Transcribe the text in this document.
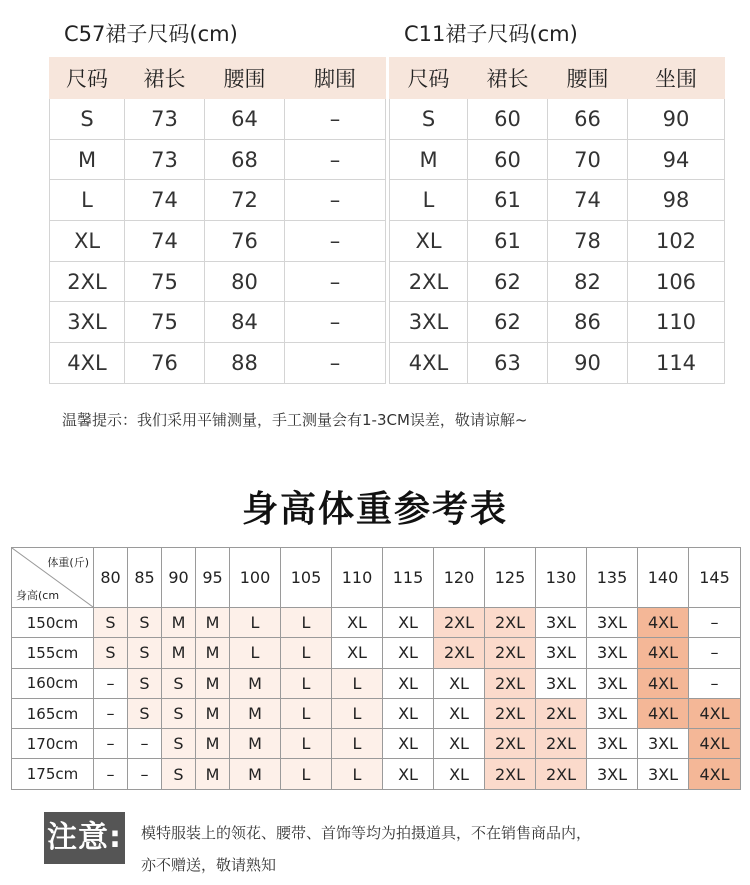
C57裙子尺码(cm)	C11裙子尺码(cm)
尺码	裙长	腰围	脚围
S	73	64	–
M	73	68	–
L	74	72	–
XL	74	76	–
2XL	75	80	–
3XL	75	84	–
4XL	76	88	–
尺码	裙长	腰围	坐围
S	60	66	90
M	60	70	94
L	61	74	98
XL	61	78	102
2XL	62	82	106
3XL	62	86	110
4XL	63	90	114
温馨提示：我们采用平铺测量，手工测量会有1-3CM误差，敬请谅解~
身高体重参考表
体重(斤)
身高(cm	80	85	90	95	100	105	110	115	120	125	130	135	140	145
150cm	S	S	M	M	L	L	XL	XL	2XL	2XL	3XL	3XL	4XL	–
155cm	S	S	M	M	L	L	XL	XL	2XL	2XL	3XL	3XL	4XL	–
160cm	–	S	S	M	M	L	L	XL	XL	2XL	3XL	3XL	4XL	–
165cm	–	S	S	M	M	L	L	XL	XL	2XL	2XL	3XL	4XL	4XL
170cm	–	–	S	M	M	L	L	XL	XL	2XL	2XL	3XL	3XL	4XL
175cm	–	–	S	M	M	L	L	XL	XL	2XL	2XL	3XL	3XL	4XL
注意: 模特服装上的领花、腰带、首饰等均为拍摄道具，不在销售商品内，
亦不赠送，敬请熟知
